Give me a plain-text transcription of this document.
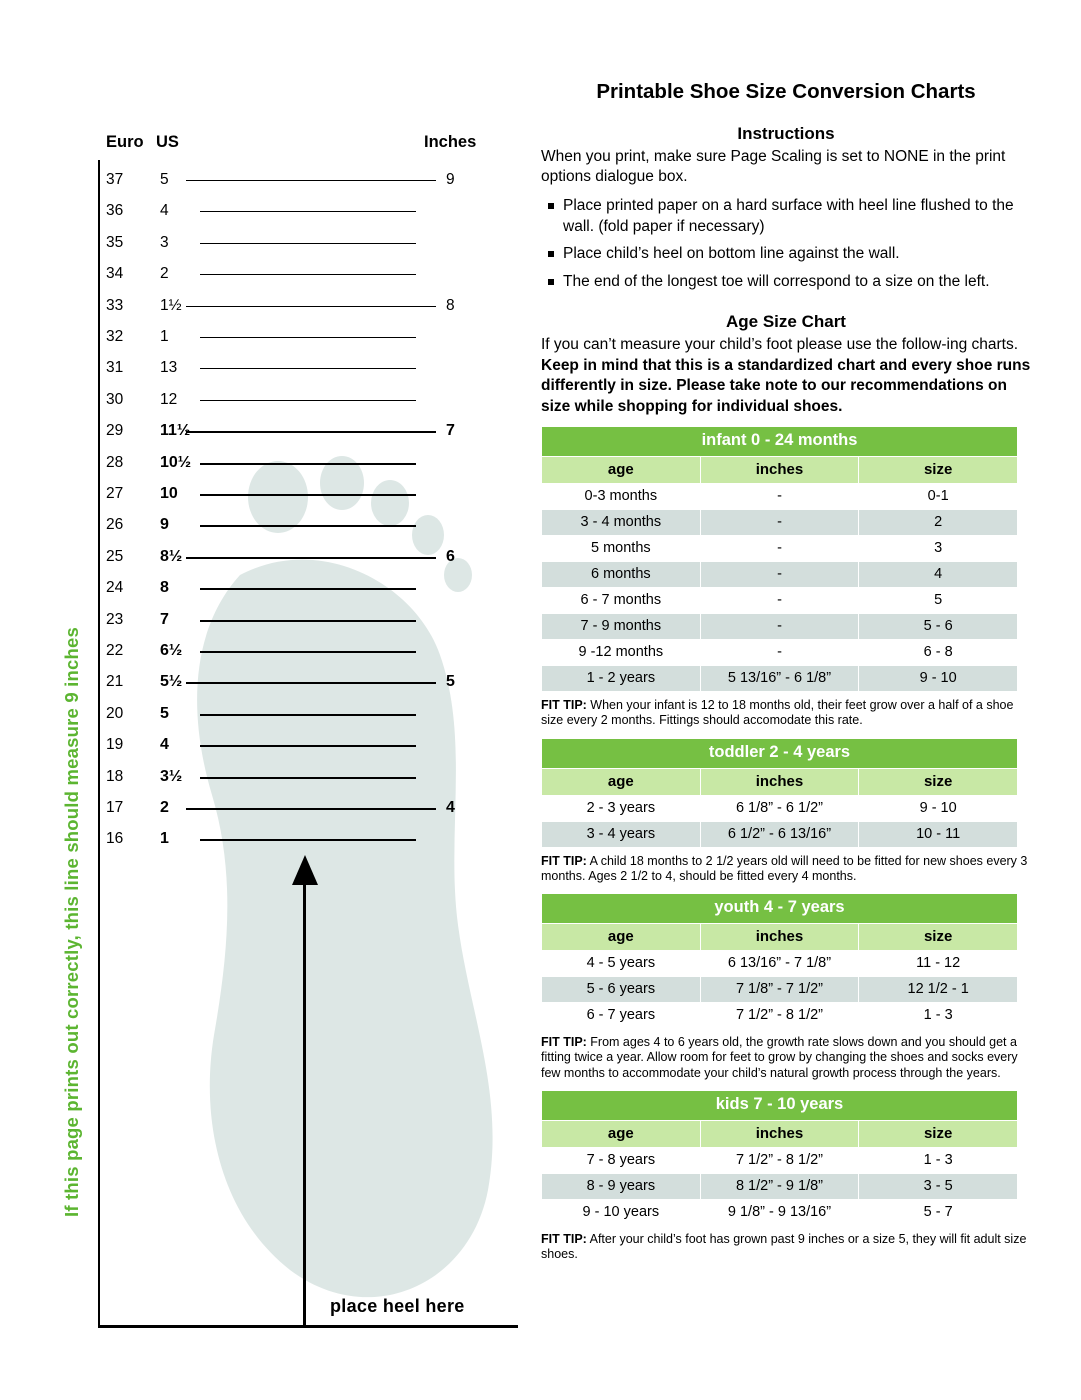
If this page prints out correctly, this line should measure 9 inches
Euro US	Inches
37 5	9
36 4
35 3
34 2
33 1½	8
32 1
31 13
30 12
29 11½	7
28 10½
27 10
26 9
25 8½	6
24 8
23 7
22 6½
21 5½	5
20 5
19 4
18 3½
17 2	4
16 1
place heel here
Printable Shoe Size Conversion Charts
Instructions

When you print, make sure Page Scaling is set to NONE in the print options dialogue box.

Place printed paper on a hard surface with heel line flushed to the wall. (fold paper if necessary)
Place child’s heel on bottom line against the wall.
The end of the longest toe will correspond to a size on the left.
Age Size Chart

If you can’t measure your child’s foot please use the follow-ing charts. Keep in mind that this is a standardized chart and every shoe runs differently in size. Please take note to our recommendations on size while shopping for individual shoes.

infant 0 - 24 months		
age	inches	size
0-3 months	-	0-1
3 - 4 months	-	2
5 months	-	3
6 months	-	4
6 - 7 months	-	5
7 - 9 months	-	5 - 6
9 -12 months	-	6 - 8
1 - 2 years	5 13/16” - 6 1/8”	9 - 10
FIT TIP: When your infant is 12 to 18 months old, their feet grow over a half of a shoe size every 2 months. Fittings should accomodate this rate.
toddler 2 - 4 years		
age	inches	size
2 - 3 years	6 1/8” - 6 1/2”	9 - 10
3 - 4 years	6 1/2” - 6 13/16”	10 - 11
FIT TIP: A child 18 months to 2 1/2 years old will need to be fitted for new shoes every 3 months. Ages 2 1/2 to 4, should be fitted every 4 months.
youth 4 - 7 years		
age	inches	size
4 - 5 years	6 13/16” - 7 1/8”	11 - 12
5 - 6 years	7 1/8” - 7 1/2”	12 1/2 - 1
6 - 7 years	7 1/2” - 8 1/2”	1 - 3
FIT TIP: From ages 4 to 6 years old, the growth rate slows down and you should get a fitting twice a year. Allow room for feet to grow by changing the shoes and socks every few months to accommodate your child’s natural growth process through the years.
kids 7 - 10 years		
age	inches	size
7 - 8 years	7 1/2” - 8 1/2”	1 - 3
8 - 9 years	8 1/2” - 9 1/8”	3 - 5
9 - 10 years	9 1/8” - 9 13/16”	5 - 7
FIT TIP: After your child’s foot has grown past 9 inches or a size 5, they will fit adult size shoes.
